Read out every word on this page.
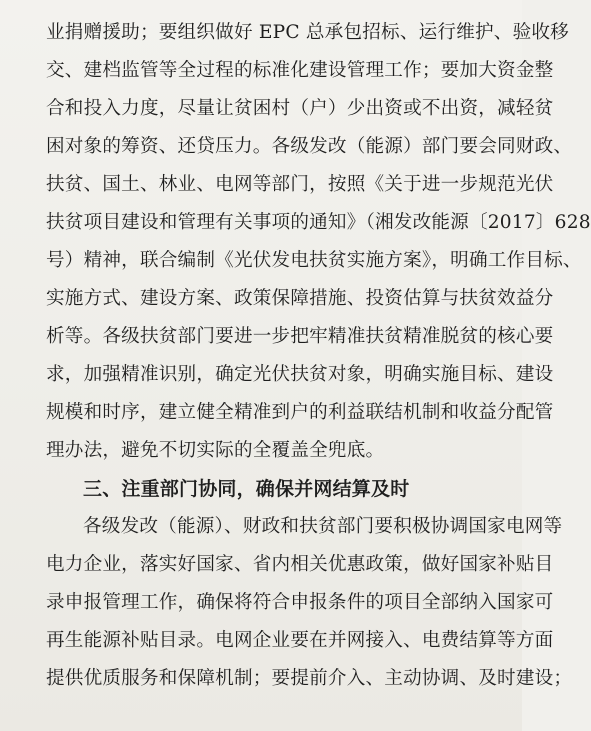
业捐赠援助；要组织做好 EPC 总承包招标、运行维护、验收移
交、建档监管等全过程的标准化建设管理工作；要加大资金整
合和投入力度，尽量让贫困村（户）少出资或不出资，减轻贫
困对象的筹资、还贷压力。各级发改（能源）部门要会同财政、
扶贫、国土、林业、电网等部门，按照《关于进一步规范光伏
扶贫项目建设和管理有关事项的通知》（湘发改能源〔2017〕628
号）精神，联合编制《光伏发电扶贫实施方案》，明确工作目标、
实施方式、建设方案、政策保障措施、投资估算与扶贫效益分
析等。各级扶贫部门要进一步把牢精准扶贫精准脱贫的核心要
求，加强精准识别，确定光伏扶贫对象，明确实施目标、建设
规模和时序，建立健全精准到户的利益联结机制和收益分配管
理办法，避免不切实际的全覆盖全兜底。
三、注重部门协同，确保并网结算及时
各级发改（能源）、财政和扶贫部门要积极协调国家电网等
电力企业，落实好国家、省内相关优惠政策，做好国家补贴目
录申报管理工作，确保将符合申报条件的项目全部纳入国家可
再生能源补贴目录。电网企业要在并网接入、电费结算等方面
提供优质服务和保障机制；要提前介入、主动协调、及时建设；
